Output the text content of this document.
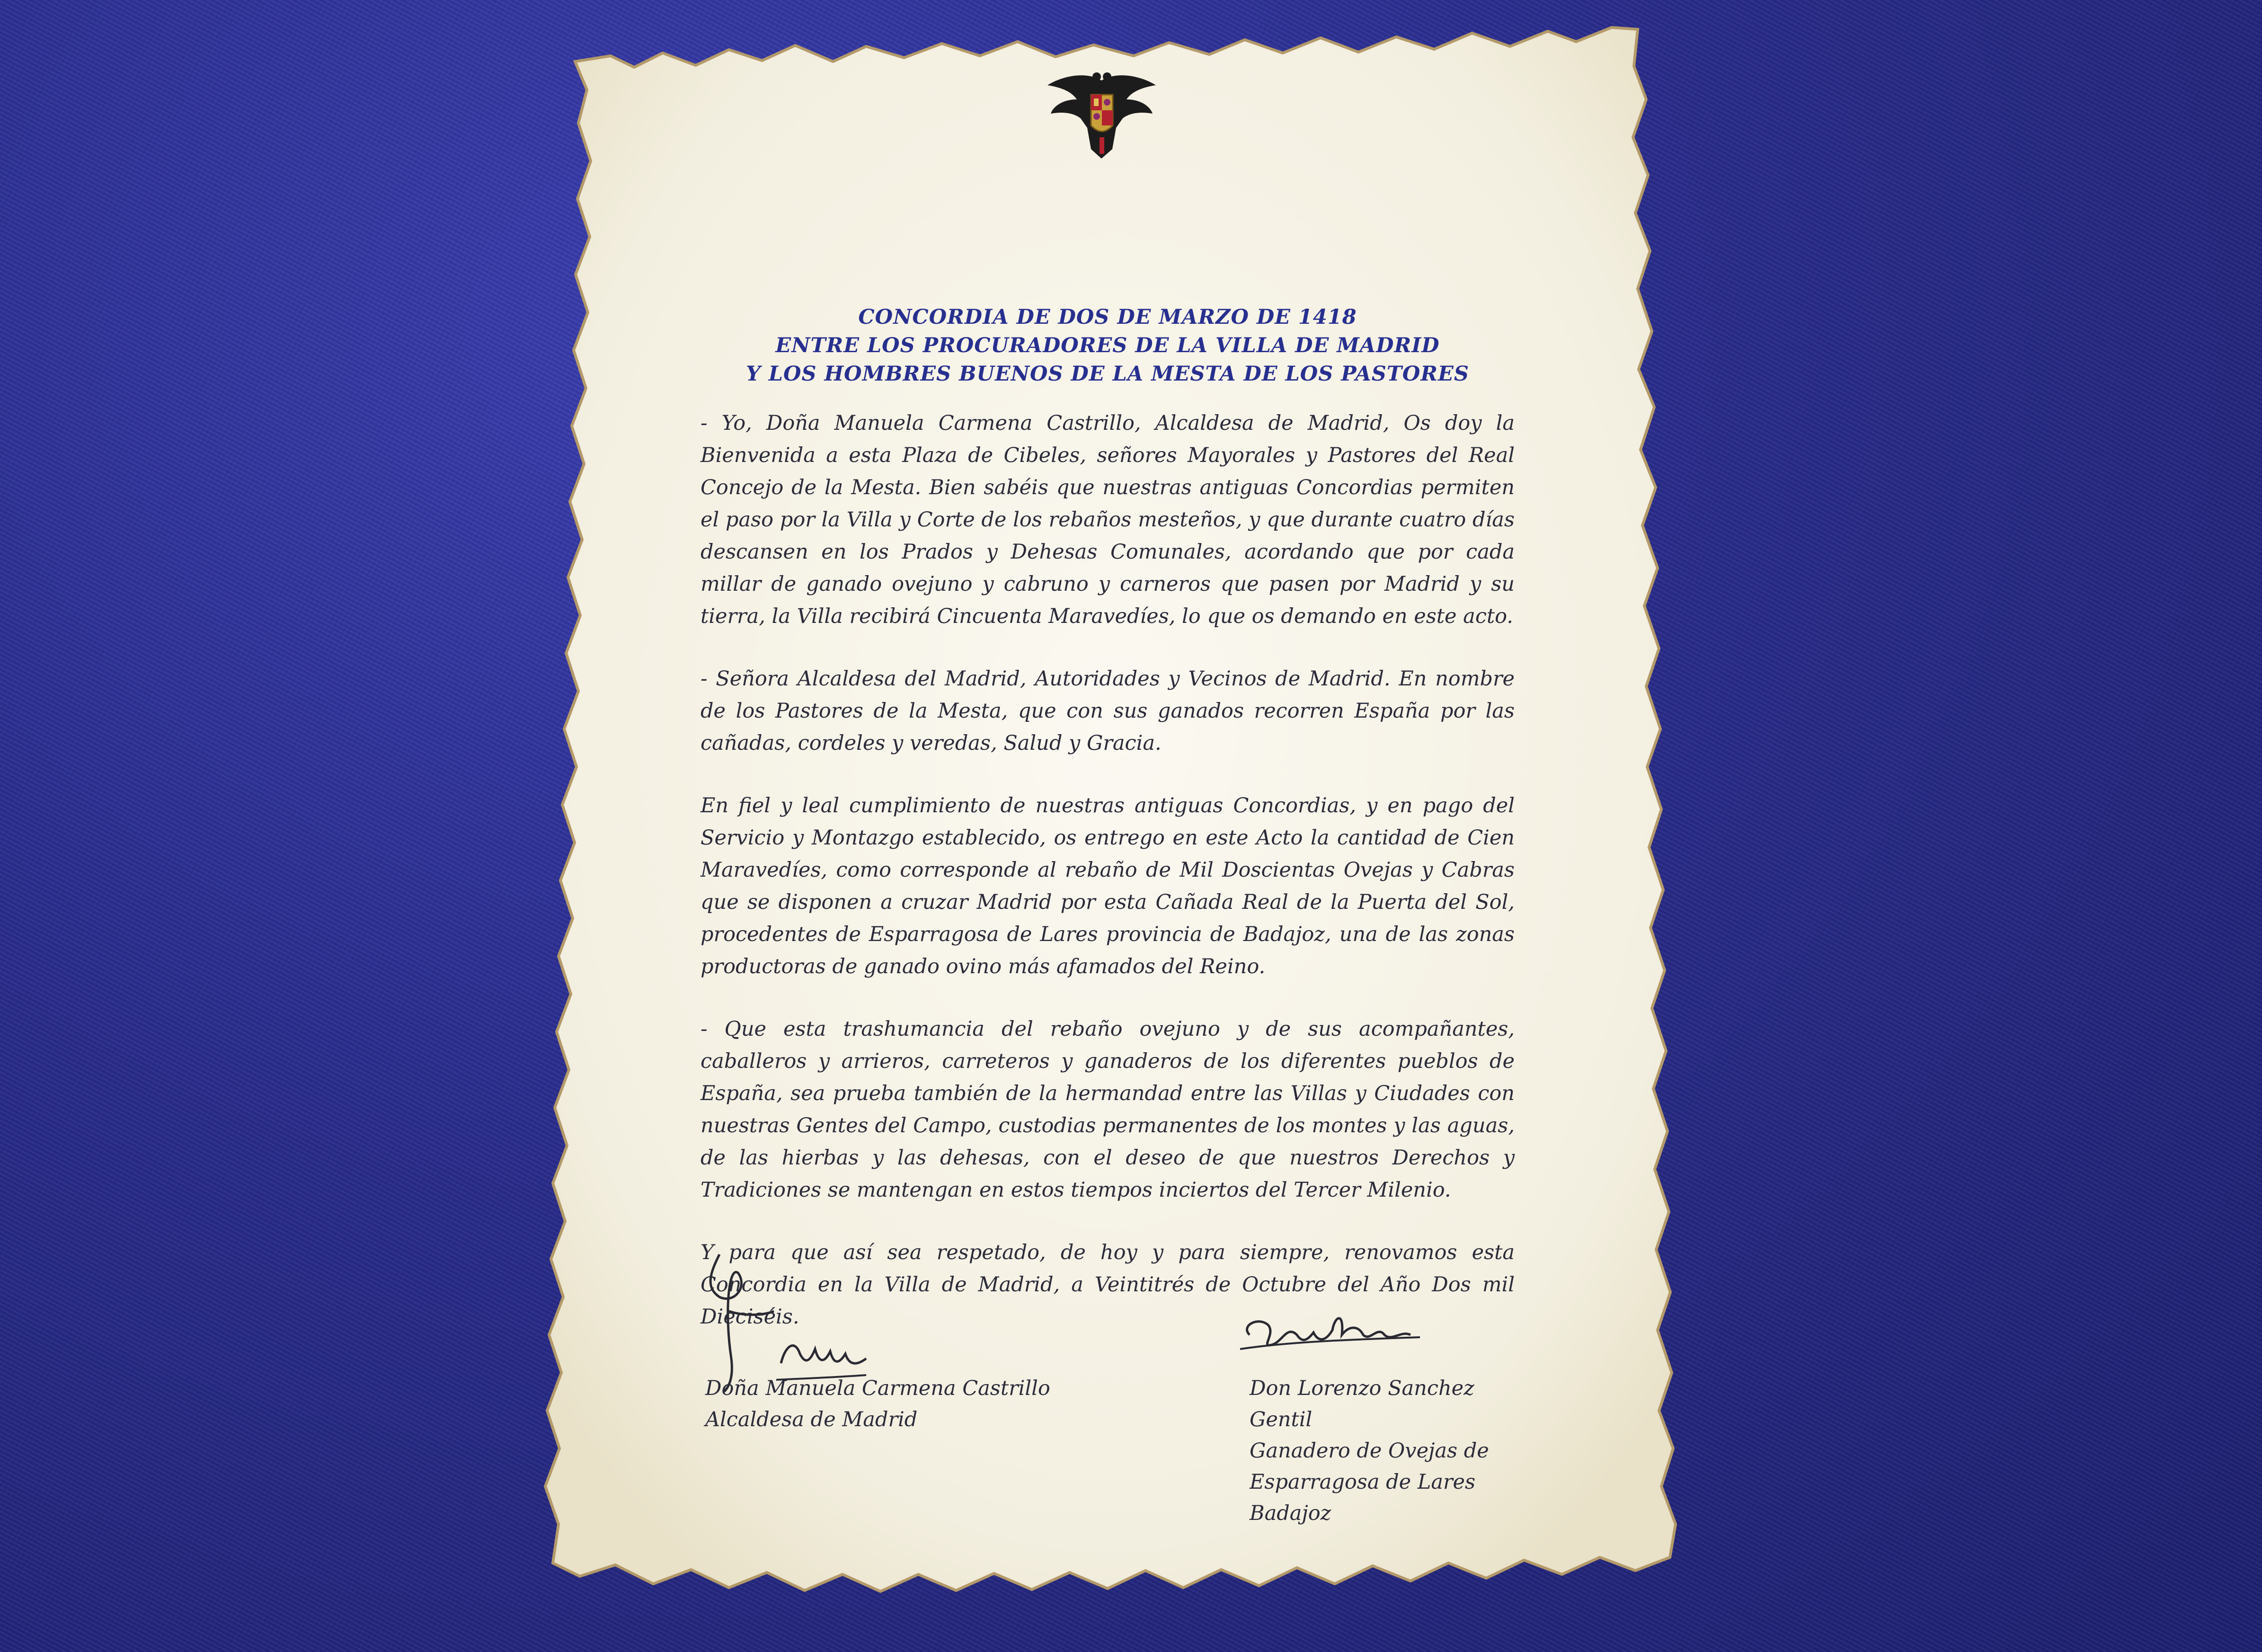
CONCORDIA DE DOS DE MARZO DE 1418
ENTRE LOS PROCURADORES DE LA VILLA DE MADRID
Y LOS HOMBRES BUENOS DE LA MESTA DE LOS PASTORES

- Yo, Doña Manuela Carmena Castrillo, Alcaldesa de Madrid, Os doy la Bienvenida a esta Plaza de Cibeles, señores Mayorales y Pastores del Real Concejo de la Mesta. Bien sabéis que nuestras antiguas Concordias permiten el paso por la Villa y Corte de los rebaños mesteños, y que durante cuatro días descansen en los Prados y Dehesas Comunales, acordando que por cada millar de ganado ovejuno y cabruno y carneros que pasen por Madrid y su tierra, la Villa recibirá Cincuenta Maravedíes, lo que os demando en este acto.

- Señora Alcaldesa del Madrid, Autoridades y Vecinos de Madrid. En nombre de los Pastores de la Mesta, que con sus ganados recorren España por las cañadas, cordeles y veredas, Salud y Gracia.

En fiel y leal cumplimiento de nuestras antiguas Concordias, y en pago del Servicio y Montazgo establecido, os entrego en este Acto la cantidad de Cien Maravedíes, como corresponde al rebaño de Mil Doscientas Ovejas y Cabras que se disponen a cruzar Madrid por esta Cañada Real de la Puerta del Sol, procedentes de Esparragosa de Lares provincia de Badajoz, una de las zonas productoras de ganado ovino más afamados del Reino.

- Que esta trashumancia del rebaño ovejuno y de sus acompañantes, caballeros y arrieros, carreteros y ganaderos de los diferentes pueblos de España, sea prueba también de la hermandad entre las Villas y Ciudades con nuestras Gentes del Campo, custodias permanentes de los montes y las aguas, de las hierbas y las dehesas, con el deseo de que nuestros Derechos y Tradiciones se mantengan en estos tiempos inciertos del Tercer Milenio.

Y para que así sea respetado, de hoy y para siempre, renovamos esta Concordia en la Villa de Madrid, a Veintitrés de Octubre del Año Dos mil Dieciséis.

Doña Manuela Carmena Castrillo
Alcaldesa de Madrid
Don Lorenzo Sanchez Gentil
Ganadero de Ovejas de
Esparragosa de Lares
Badajoz
